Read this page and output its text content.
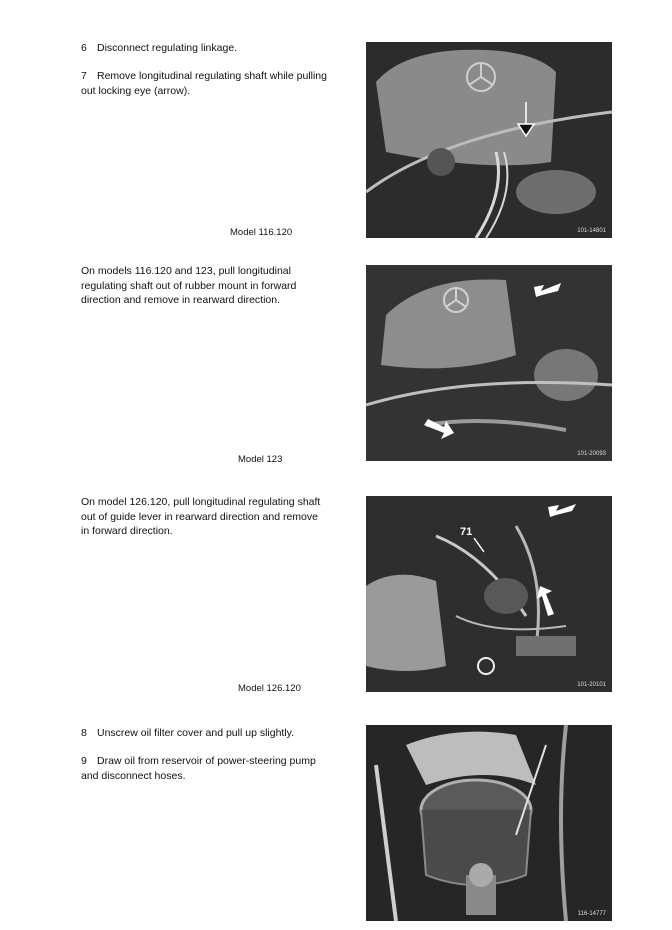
6 Disconnect regulating linkage.
7 Remove longitudinal regulating shaft while pulling out locking eye (arrow).
Model 116.120	101-14801
On models 116.120 and 123, pull longitudinal regulating shaft out of rubber mount in forward direction and remove in rearward direction.
Model 123	101-20093
On model 126.120, pull longitudinal regulating shaft out of guide lever in rearward direction and remove in forward direction.
Model 126.120
71
101-20101
8 Unscrew oil filter cover and pull up slightly.
9 Draw oil from reservoir of power-steering pump and disconnect hoses.
116-14777
